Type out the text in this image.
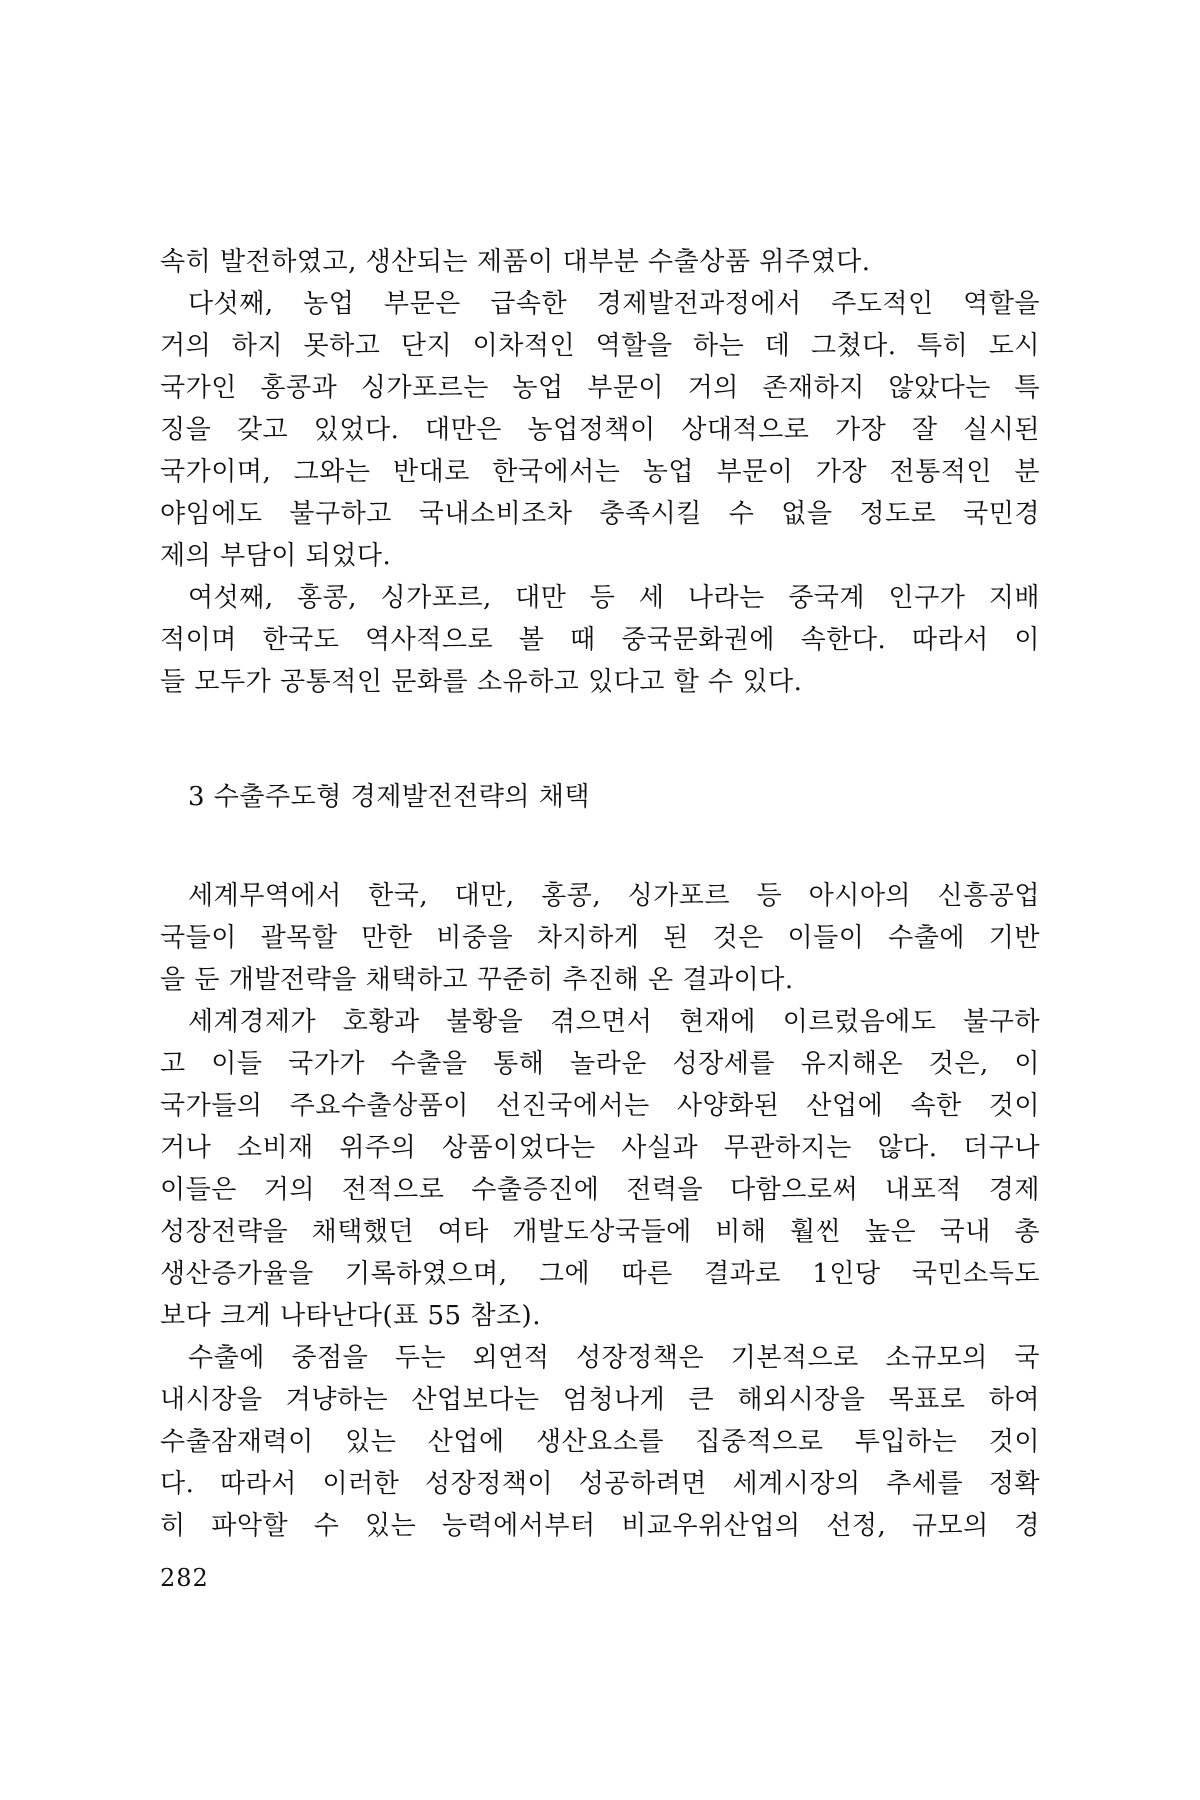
속히 발전하였고, 생산되는 제품이 대부분 수출상품 위주였다.
다섯째, 농업 부문은 급속한 경제발전과정에서 주도적인 역할을
거의 하지 못하고 단지 이차적인 역할을 하는 데 그쳤다. 특히 도시
국가인 홍콩과 싱가포르는 농업 부문이 거의 존재하지 않았다는 특
징을 갖고 있었다. 대만은 농업정책이 상대적으로 가장 잘 실시된
국가이며, 그와는 반대로 한국에서는 농업 부문이 가장 전통적인 분
야임에도 불구하고 국내소비조차 충족시킬 수 없을 정도로 국민경
제의 부담이 되었다.
여섯째, 홍콩, 싱가포르, 대만 등 세 나라는 중국계 인구가 지배
적이며 한국도 역사적으로 볼 때 중국문화권에 속한다. 따라서 이
들 모두가 공통적인 문화를 소유하고 있다고 할 수 있다.
3 수출주도형 경제발전전략의 채택
세계무역에서 한국, 대만, 홍콩, 싱가포르 등 아시아의 신흥공업
국들이 괄목할 만한 비중을 차지하게 된 것은 이들이 수출에 기반
을 둔 개발전략을 채택하고 꾸준히 추진해 온 결과이다.
세계경제가 호황과 불황을 겪으면서 현재에 이르렀음에도 불구하
고 이들 국가가 수출을 통해 놀라운 성장세를 유지해온 것은, 이
국가들의 주요수출상품이 선진국에서는 사양화된 산업에 속한 것이
거나 소비재 위주의 상품이었다는 사실과 무관하지는 않다. 더구나
이들은 거의 전적으로 수출증진에 전력을 다함으로써 내포적 경제
성장전략을 채택했던 여타 개발도상국들에 비해 훨씬 높은 국내 총
생산증가율을 기록하였으며, 그에 따른 결과로 1인당 국민소득도
보다 크게 나타난다(표 55 참조).
수출에 중점을 두는 외연적 성장정책은 기본적으로 소규모의 국
내시장을 겨냥하는 산업보다는 엄청나게 큰 해외시장을 목표로 하여
수출잠재력이 있는 산업에 생산요소를 집중적으로 투입하는 것이
다. 따라서 이러한 성장정책이 성공하려면 세계시장의 추세를 정확
히 파악할 수 있는 능력에서부터 비교우위산업의 선정, 규모의 경
282
